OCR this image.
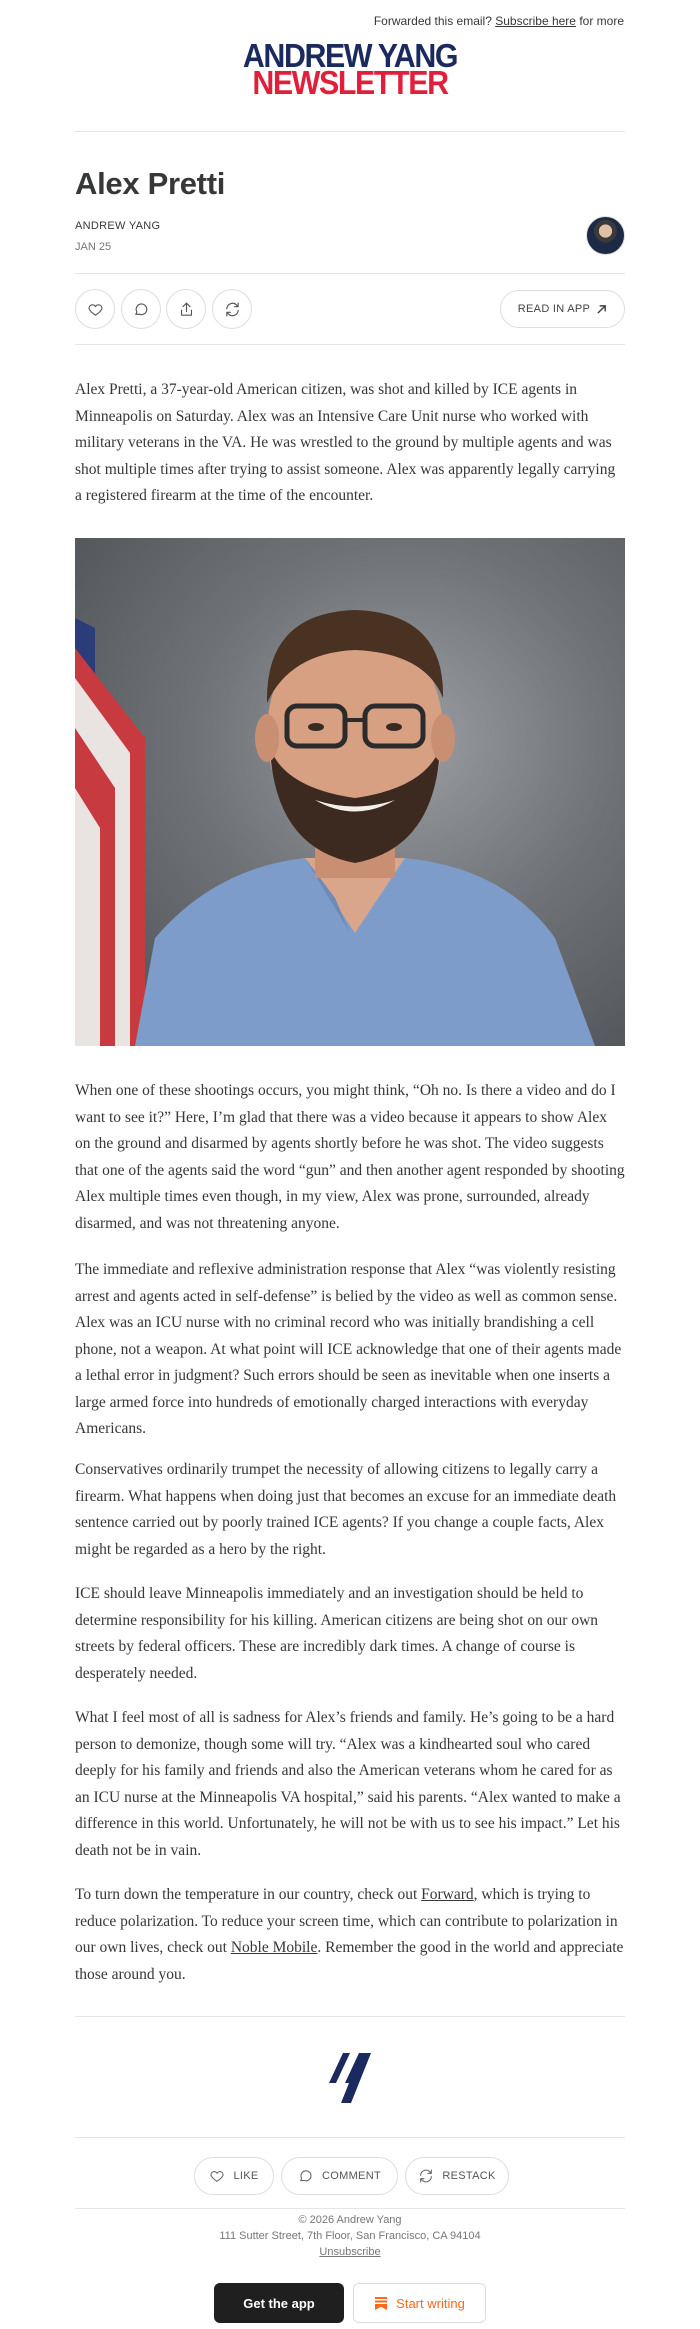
Forwarded this email? Subscribe here for more
ANDREW YANG
NEWSLETTER
Alex Pretti
ANDREW YANG
JAN 25
READ IN APP

Alex Pretti, a 37-year-old American citizen, was shot and killed by ICE agents in Minneapolis on Saturday. Alex was an Intensive Care Unit nurse who worked with military veterans in the VA. He was wrestled to the ground by multiple agents and was shot multiple times after trying to assist someone. Alex was apparently legally carrying a registered firearm at the time of the encounter.

When one of these shootings occurs, you might think, “Oh no. Is there a video and do I want to see it?” Here, I’m glad that there was a video because it appears to show Alex on the ground and disarmed by agents shortly before he was shot. The video suggests that one of the agents said the word “gun” and then another agent responded by shooting Alex multiple times even though, in my view, Alex was prone, surrounded, already disarmed, and was not threatening anyone.

The immediate and reflexive administration response that Alex “was violently resisting arrest and agents acted in self-defense” is belied by the video as well as common sense. Alex was an ICU nurse with no criminal record who was initially brandishing a cell phone, not a weapon. At what point will ICE acknowledge that one of their agents made a lethal error in judgment? Such errors should be seen as inevitable when one inserts a large armed force into hundreds of emotionally charged interactions with everyday Americans.

Conservatives ordinarily trumpet the necessity of allowing citizens to legally carry a firearm. What happens when doing just that becomes an excuse for an immediate death sentence carried out by poorly trained ICE agents? If you change a couple facts, Alex might be regarded as a hero by the right.

ICE should leave Minneapolis immediately and an investigation should be held to determine responsibility for his killing. American citizens are being shot on our own streets by federal officers. These are incredibly dark times. A change of course is desperately needed.

What I feel most of all is sadness for Alex’s friends and family. He’s going to be a hard person to demonize, though some will try. “Alex was a kindhearted soul who cared deeply for his family and friends and also the American veterans whom he cared for as an ICU nurse at the Minneapolis VA hospital,” said his parents. “Alex wanted to make a difference in this world. Unfortunately, he will not be with us to see his impact.” Let his death not be in vain.

To turn down the temperature in our country, check out Forward, which is trying to reduce polarization. To reduce your screen time, which can contribute to polarization in our own lives, check out Noble Mobile. Remember the good in the world and appreciate those around you.

LIKE	COMMENT	RESTACK
© 2026 Andrew Yang
111 Sutter Street, 7th Floor, San Francisco, CA 94104
Unsubscribe
Get the app	Start writing
